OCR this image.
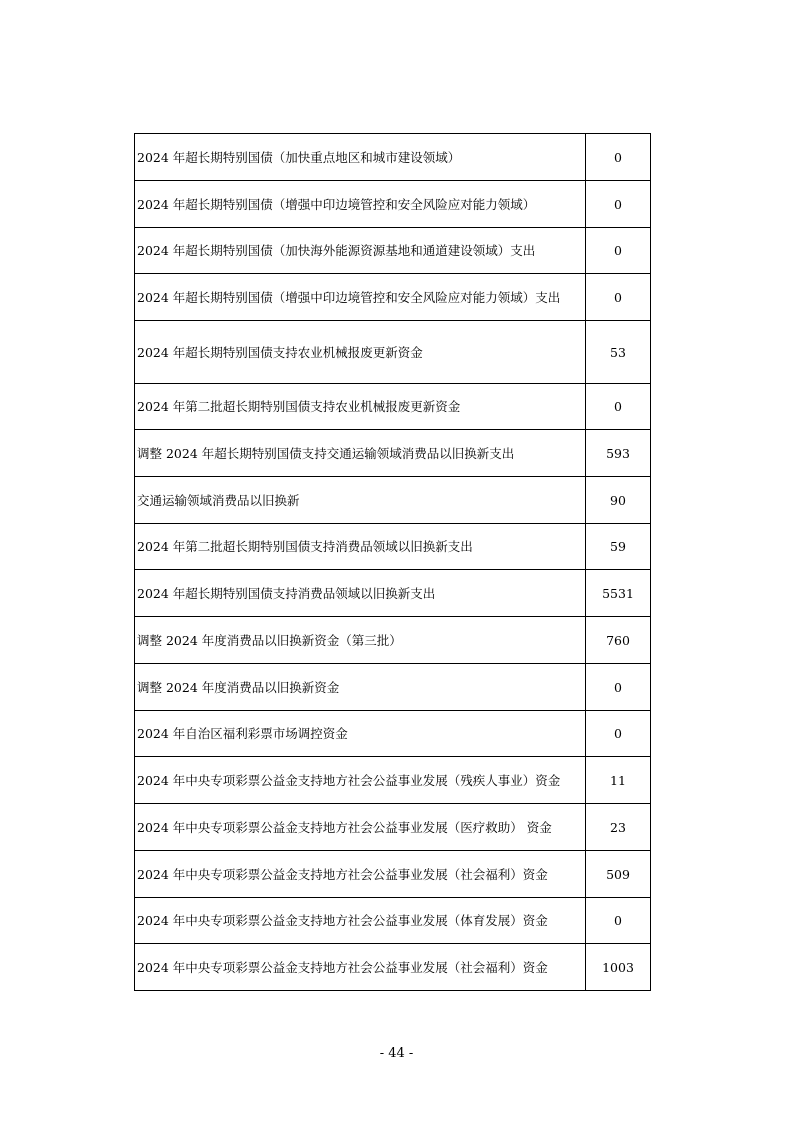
2024 年超长期特别国债（加快重点地区和城市建设领域）	0
2024 年超长期特别国债（增强中印边境管控和安全风险应对能力领域）	0
2024 年超长期特别国债（加快海外能源资源基地和通道建设领域）支出	0
2024 年超长期特别国债（增强中印边境管控和安全风险应对能力领域）支出	0
2024 年超长期特别国债支持农业机械报废更新资金	53
2024 年第二批超长期特别国债支持农业机械报废更新资金	0
调整 2024 年超长期特别国债支持交通运输领域消费品以旧换新支出	593
交通运输领域消费品以旧换新	90
2024 年第二批超长期特别国债支持消费品领域以旧换新支出	59
2024 年超长期特别国债支持消费品领域以旧换新支出	5531
调整 2024 年度消费品以旧换新资金（第三批）	760
调整 2024 年度消费品以旧换新资金	0
2024 年自治区福利彩票市场调控资金	0
2024 年中央专项彩票公益金支持地方社会公益事业发展（残疾人事业）资金	11
2024 年中央专项彩票公益金支持地方社会公益事业发展（医疗救助） 资金	23
2024 年中央专项彩票公益金支持地方社会公益事业发展（社会福利）资金	509
2024 年中央专项彩票公益金支持地方社会公益事业发展（体育发展）资金	0
2024 年中央专项彩票公益金支持地方社会公益事业发展（社会福利）资金	1003
- 44 -
